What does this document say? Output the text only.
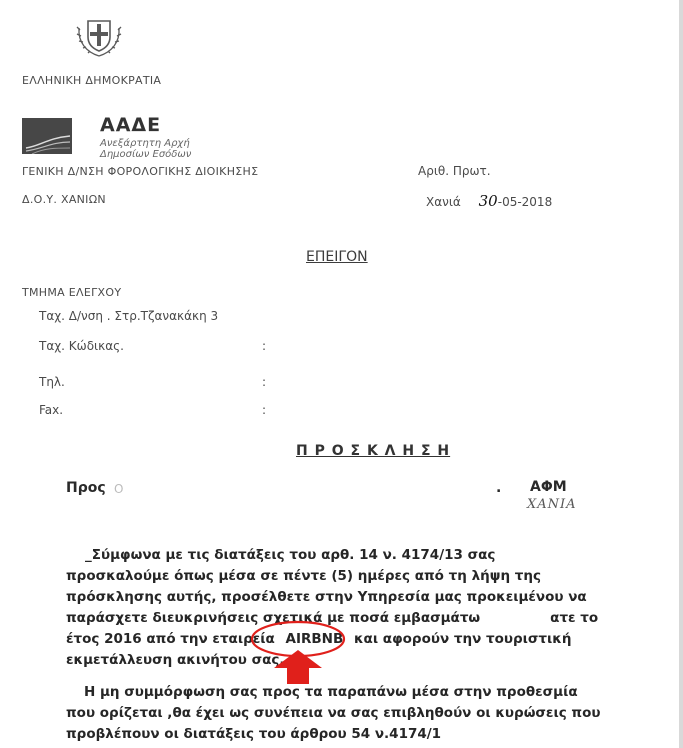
ΕΛΛΗΝΙΚΗ ΔΗΜΟΚΡΑΤΙΑ
ΑΑΔΕ
Ανεξάρτητη Αρχή
Δημοσίων Εσόδων
ΓΕΝΙΚΗ Δ/ΝΣΗ ΦΟΡΟΛΟΓΙΚΗΣ ΔΙΟΙΚΗΣΗΣ	Αριθ. Πρωτ.
Δ.Ο.Υ. ΧΑΝΙΩΝ	Χανιά 30-05-2018
ΕΠΕΙΓΟΝ
ΤΜΗΜΑ ΕΛΕΓΧΟΥ
Ταχ. Δ/νση . Στρ.Τζανακάκη 3
Ταχ. Κώδικας.	:
Τηλ.	:
Fax.	:
Π Ρ Ο Σ Κ Λ Η Σ Η
Προς Ο	. ΑΦΜ
ΧΑΝΙΑ
_Σύμφωνα με τις διατάξεις του αρθ. 14 ν. 4174/13 σας
προσκαλούμε όπως μέσα σε πέντε (5) ημέρες από τη λήψη της
πρόσκλησης αυτής, προσέλθετε στην Υπηρεσία μας προκειμένου να
παράσχετε διευκρινήσεις σχετικά με ποσά εμβασμάτω	ατε το
έτος 2016 από την εταιρεία AIRBNB και αφορούν την τουριστική
εκμετάλλευση ακινήτου σας.
Η μη συμμόρφωση σας προς τα παραπάνω μέσα στην προθεσμία
που ορίζεται ,θα έχει ως συνέπεια να σας επιβληθούν οι κυρώσεις που
προβλέπουν οι διατάξεις του άρθρου 54 ν.4174/1
